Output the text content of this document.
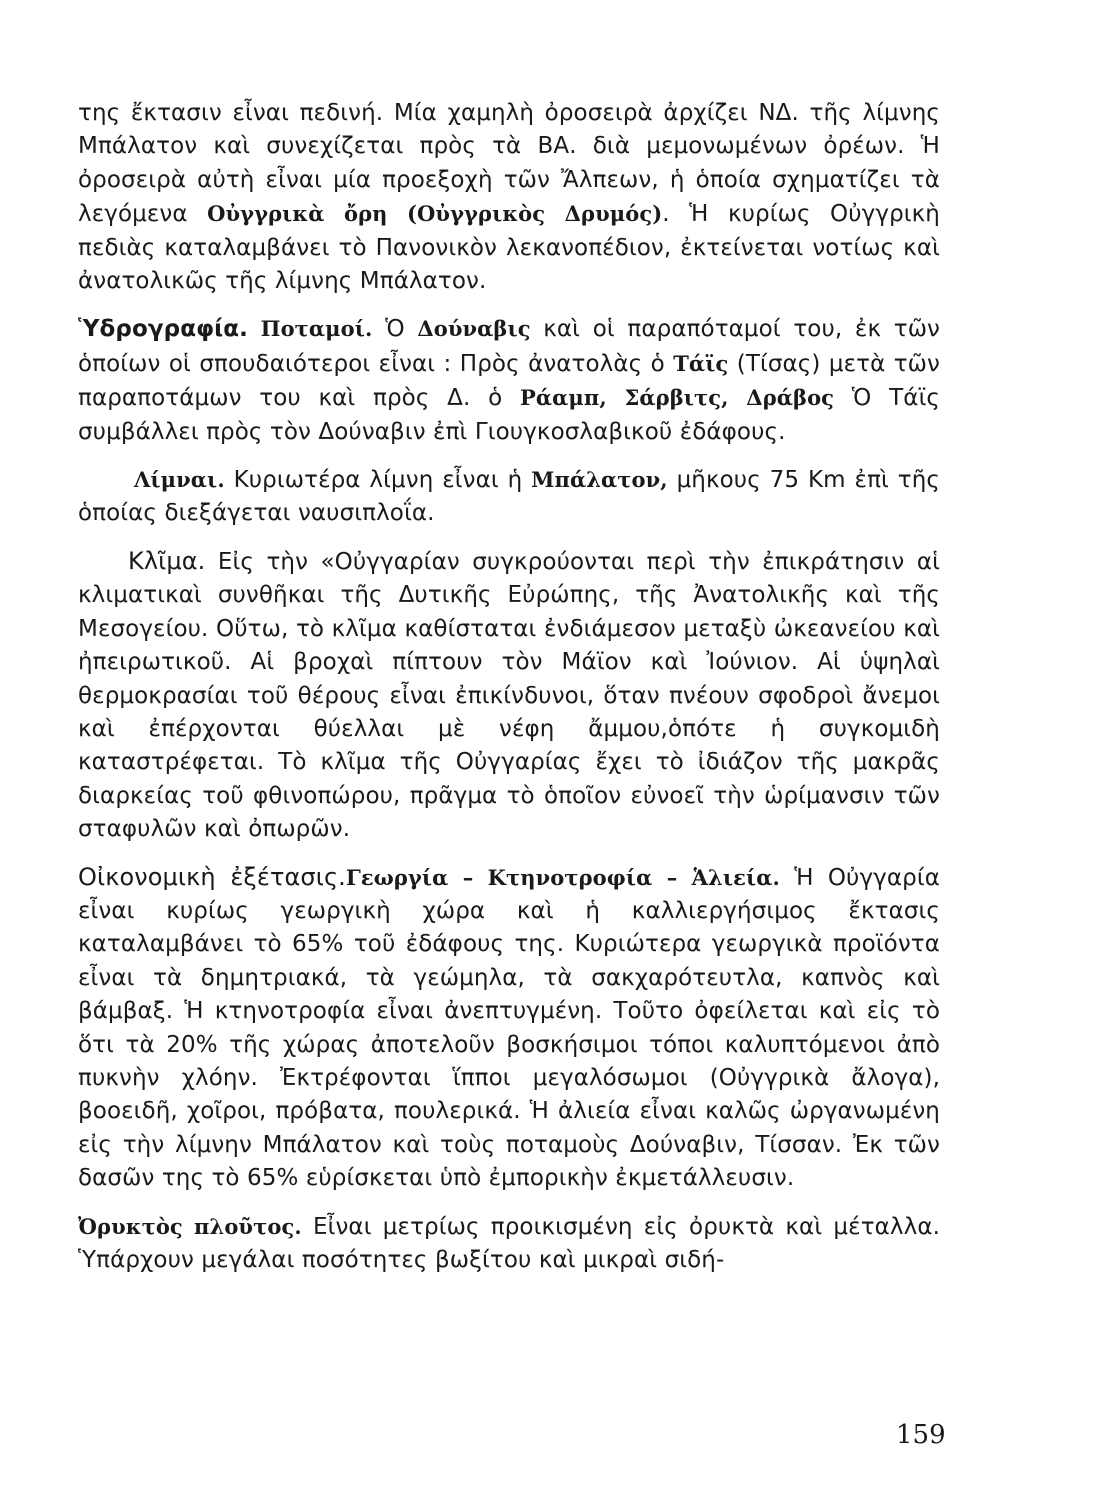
της ἔκτασιν εἶναι πεδινή. Μία χαμηλὴ ὀροσειρὰ ἀρχίζει ΝΔ. τῆς λίμνης Μπάλατον καὶ συνεχίζεται πρὸς τὰ ΒΑ. διὰ μεμονωμένων ὀρέων. Ἡ ὀροσειρὰ αὐτὴ εἶναι μία προεξοχὴ τῶν Ἄλπεων, ἡ ὁποία σχηματίζει τὰ λεγόμενα Οὐγγρικὰ ὄρη (Οὐγγρικὸς Δρυμός). Ἡ κυρίως Οὐγγρικὴ πεδιὰς καταλαμβάνει τὸ Πανονικὸν λεκανοπέδιον, ἐκτείνεται νοτίως καὶ ἀνατολικῶς τῆς λίμνης Μπάλατον.

Ὑδρογραφία. Ποταμοί. Ὁ Δούναβις καὶ οἱ παραπόταμοί του, ἐκ τῶν ὁποίων οἱ σπουδαιότεροι εἶναι : Πρὸς ἀνατολὰς ὁ Τάϊς (Τίσας) μετὰ τῶν παραποτάμων του καὶ πρὸς Δ. ὁ Ράαμπ, Σάρβιτς, Δράβος Ὁ Τάϊς συμβάλλει πρὸς τὸν Δούναβιν ἐπὶ Γιουγκοσλαβικοῦ ἐδάφους.

Λίμναι. Κυριωτέρα λίμνη εἶναι ἡ Μπάλατον, μῆκους 75 Km ἐπὶ τῆς ὁποίας διεξάγεται ναυσιπλοΐα.

Κλῖμα. Εἰς τὴν «Οὐγγαρίαν συγκρούονται περὶ τὴν ἐπικράτησιν αἱ κλιματικαὶ συνθῆκαι τῆς Δυτικῆς Εὐρώπης, τῆς Ἀνατολικῆς καὶ τῆς Μεσογείου. Οὕτω, τὸ κλῖμα καθίσταται ἐνδιάμεσον μεταξὺ ὠκεανείου καὶ ἠπειρωτικοῦ. Αἱ βροχαὶ πίπτουν τὸν Μάϊον καὶ Ἰούνιον. Αἱ ὑψηλαὶ θερμοκρασίαι τοῦ θέρους εἶναι ἐπικίνδυνοι, ὅταν πνέουν σφοδροὶ ἄνεμοι καὶ ἐπέρχονται θύελλαι μὲ νέφη ἄμμου,ὁπότε ἡ συγκομιδὴ καταστρέφεται. Τὸ κλῖμα τῆς Οὐγγαρίας ἔχει τὸ ἰδιάζον τῆς μακρᾶς διαρκείας τοῦ φθινοπώρου, πρᾶγμα τὸ ὁποῖον εὐνοεῖ τὴν ὡρίμανσιν τῶν σταφυλῶν καὶ ὀπωρῶν.

Οἰκονομικὴ ἐξέτασις.Γεωργία – Κτηνοτροφία – Ἁλιεία. Ἡ Οὐγγαρία εἶναι κυρίως γεωργικὴ χώρα καὶ ἡ καλλιεργήσιμος ἔκτασις καταλαμβάνει τὸ 65% τοῦ ἐδάφους της. Κυριώτερα γεωργικὰ προϊόντα εἶναι τὰ δημητριακά, τὰ γεώμηλα, τὰ σακχαρότευτλα, καπνὸς καὶ βάμβαξ. Ἡ κτηνοτροφία εἶναι ἀνεπτυγμένη. Τοῦτο ὀφείλεται καὶ εἰς τὸ ὅτι τὰ 20% τῆς χώρας ἀποτελοῦν βοσκήσιμοι τόποι καλυπτόμενοι ἀπὸ πυκνὴν χλόην. Ἐκτρέφονται ἵπποι μεγαλόσωμοι (Οὐγγρικὰ ἄλογα), βοοειδῆ, χοῖροι, πρόβατα, πουλερικά. Ἡ ἀλιεία εἶναι καλῶς ὠργανωμένη εἰς τὴν λίμνην Μπάλατον καὶ τοὺς ποταμοὺς Δούναβιν, Τίσσαν. Ἐκ τῶν δασῶν της τὸ 65% εὑρίσκεται ὑπὸ ἐμπορικὴν ἐκμετάλλευσιν.

Ὀρυκτὸς πλοῦτος. Εἶναι μετρίως προικισμένη εἰς ὀρυκτὰ καὶ μέταλλα. Ὑπάρχουν μεγάλαι ποσότητες βωξίτου καὶ μικραὶ σιδή-

159
